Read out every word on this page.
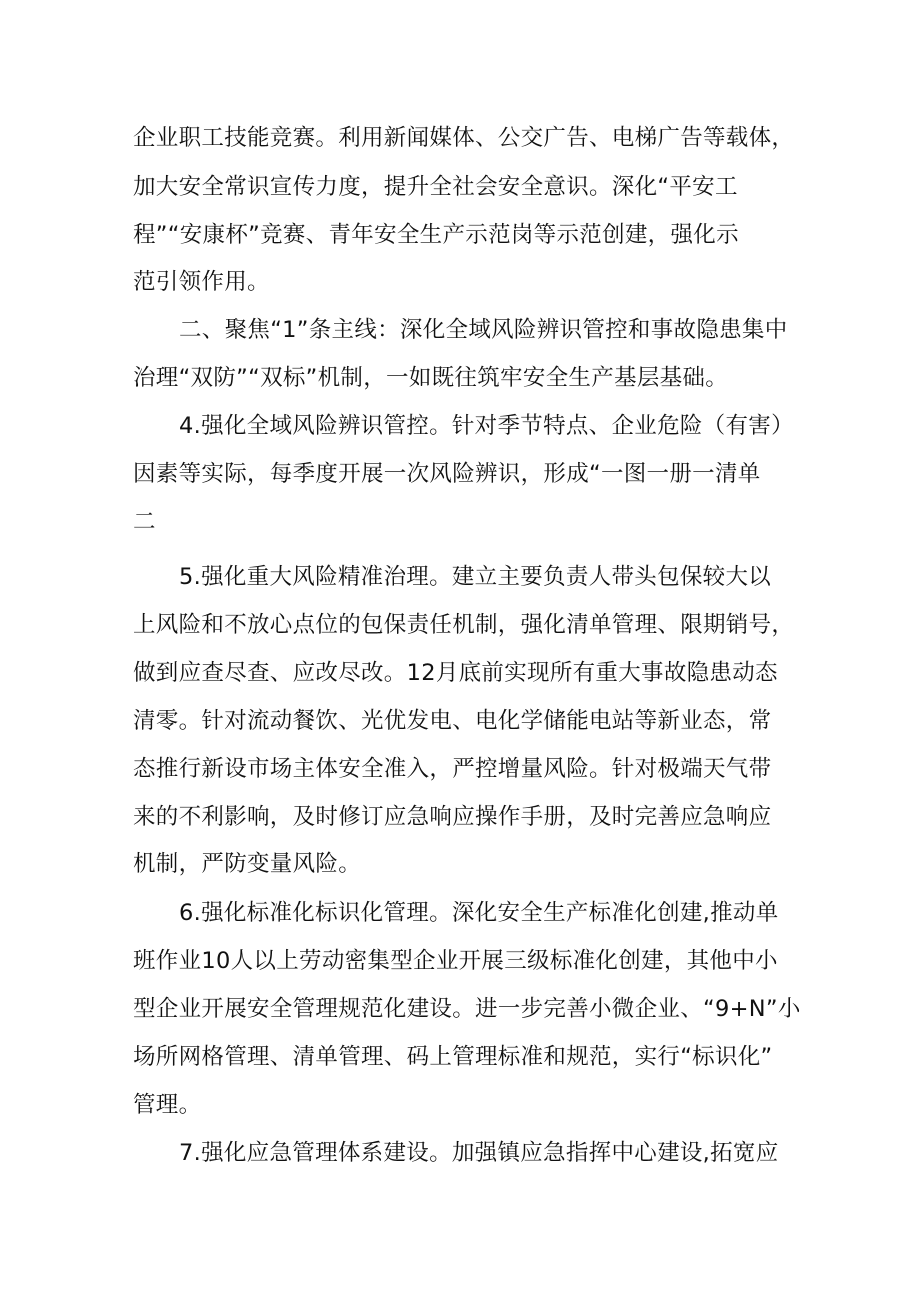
企业职工技能竞赛。利用新闻媒体、公交广告、电梯广告等载体，
加大安全常识宣传力度，提升全社会安全意识。深化“平安工
程”“安康杯”竞赛、青年安全生产示范岗等示范创建，强化示
范引领作用。
二、聚焦“1”条主线：深化全域风险辨识管控和事故隐患集中
治理“双防”“双标”机制，一如既往筑牢安全生产基层基础。
4.强化全域风险辨识管控。针对季节特点、企业危险（有害）
因素等实际，每季度开展一次风险辨识，形成“一图一册一清单
二
5.强化重大风险精准治理。建立主要负责人带头包保较大以
上风险和不放心点位的包保责任机制，强化清单管理、限期销号，
做到应查尽查、应改尽改。12月底前实现所有重大事故隐患动态
清零。针对流动餐饮、光优发电、电化学储能电站等新业态，常
态推行新设市场主体安全准入，严控增量风险。针对极端天气带
来的不利影响，及时修订应急响应操作手册，及时完善应急响应
机制，严防变量风险。
6.强化标准化标识化管理。深化安全生产标准化创建,推动单
班作业10人以上劳动密集型企业开展三级标准化创建，其他中小
型企业开展安全管理规范化建设。进一步完善小微企业、“9+N”小
场所网格管理、清单管理、码上管理标准和规范，实行“标识化”
管理。
7.强化应急管理体系建设。加强镇应急指挥中心建设,拓宽应
